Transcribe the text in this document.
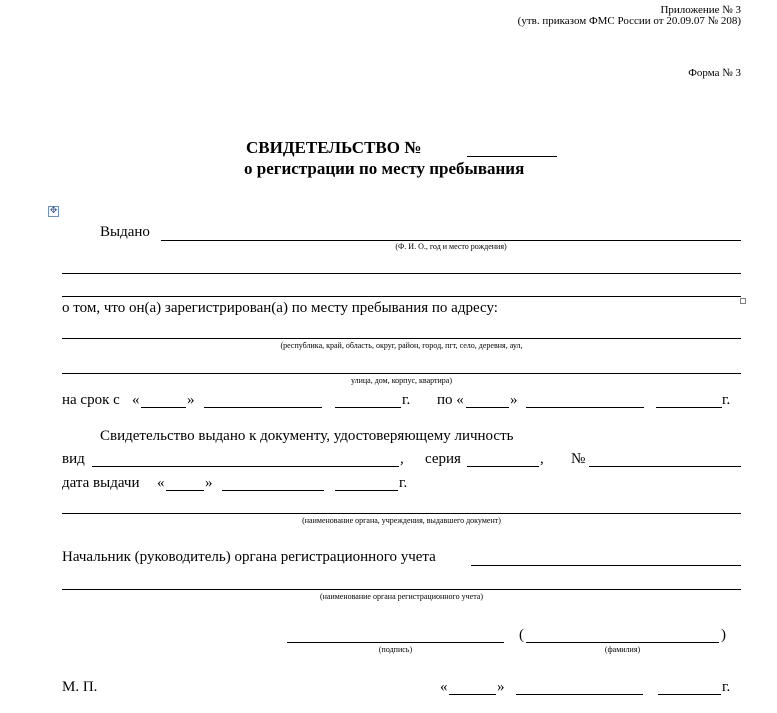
Приложение № 3
(утв. приказом ФМС России от 20.09.07 № 208)
Форма № 3
СВИДЕТЕЛЬСТВО №
о регистрации по месту пребывания
✥
Выдано
(Ф. И. О., год и место рождения)
о том, что он(а) зарегистрирован(а) по месту пребывания по адресу:
(республика, край, область, округ, район, город, пгт, село, деревня, аул,
улица, дом, корпус, квартира)
на срок с «	»	г. по «	»	г.
Свидетельство выдано к документу, удостоверяющему личность
вид	, серия	, №
дата выдачи «	»	г.
(наименование органа, учреждения, выдавшего документ)
Начальник (руководитель) органа регистрационного учета
(наименование органа регистрационного учета)
(подпись)
(	)
(фамилия)
М. П.	«	»	г.
